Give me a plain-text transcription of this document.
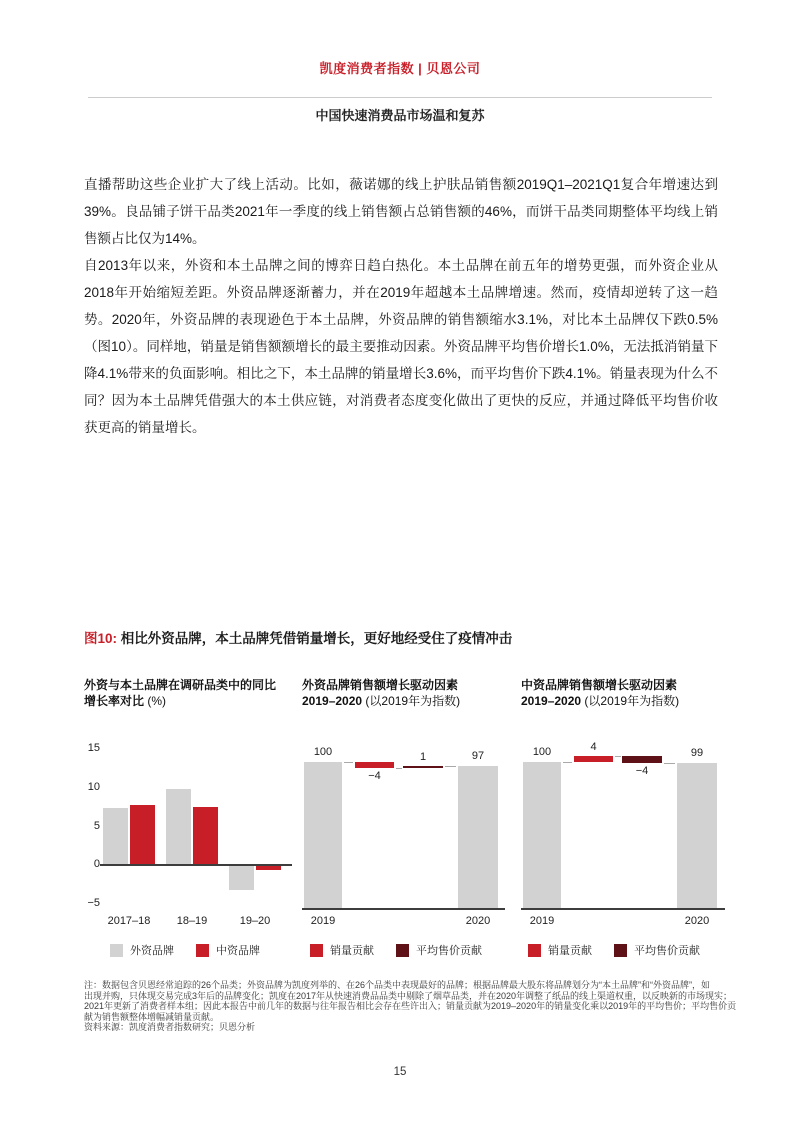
凯度消费者指数 | 贝恩公司
中国快速消费品市场温和复苏
直播帮助这些企业扩大了线上活动。比如，薇诺娜的线上护肤品销售额2019Q1–2021Q1复合年增速达到39%。良品铺子饼干品类2021年一季度的线上销售额占总销售额的46%，而饼干品类同期整体平均线上销售额占比仅为14%。
自2013年以来，外资和本土品牌之间的博弈日趋白热化。本土品牌在前五年的增势更强，而外资企业从2018年开始缩短差距。外资品牌逐渐蓄力，并在2019年超越本土品牌增速。然而，疫情却逆转了这一趋势。2020年，外资品牌的表现逊色于本土品牌，外资品牌的销售额缩水3.1%，对比本土品牌仅下跌0.5%（图10）。同样地，销量是销售额额增长的最主要推动因素。外资品牌平均售价增长1.0%，无法抵消销量下降4.1%带来的负面影响。相比之下，本土品牌的销量增长3.6%，而平均售价下跌4.1%。销量表现为什么不同？因为本土品牌凭借强大的本土供应链，对消费者态度变化做出了更快的反应，并通过降低平均售价收获更高的销量增长。
图10: 相比外资品牌，本土品牌凭借销量增长，更好地经受住了疫情冲击
外资与本土品牌在调研品类中的同比
增长率对比 (%)
外资品牌销售额增长驱动因素
2019–2020 (以2019年为指数)
中资品牌销售额增长驱动因素
2019–2020 (以2019年为指数)
15
10
5
0
−5
2017–18	18–19	19–20
100
−4
1	97
2019	2020
100	4
−4
99
2019	2020
外资品牌	中资品牌	销量贡献	平均售价贡献	销量贡献	平均售价贡献
注：数据包含贝恩经常追踪的26个品类；外资品牌为凯度列举的、在26个品类中表现最好的品牌；根据品牌最大股东将品牌划分为“本土品牌”和“外资品牌”，如
出现并购，只体现交易完成3年后的品牌变化；凯度在2017年从快速消费品品类中剔除了烟草品类，并在2020年调整了纸品的线上渠道权重，以反映新的市场现实；
2021年更新了消费者样本组；因此本报告中前几年的数据与往年报告相比会存在些许出入；销量贡献为2019–2020年的销量变化乘以2019年的平均售价；平均售价贡
献为销售额整体增幅减销量贡献。
资料来源：凯度消费者指数研究；贝恩分析
15
